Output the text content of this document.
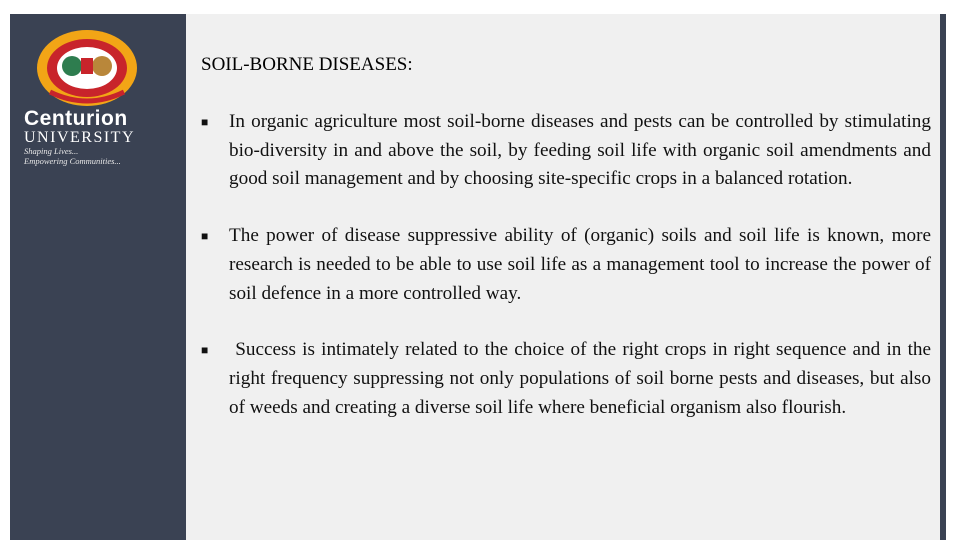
Centurion
UNIVERSITY
Shaping Lives...
Empowering Communities...
SOIL-BORNE DISEASES:
■ In organic agriculture most soil-borne diseases and pests can be controlled by stimulating bio-diversity in and above the soil, by feeding soil life with organic soil amendments and good soil management and by choosing site-specific crops in a balanced rotation.
■ The power of disease suppressive ability of (organic) soils and soil life is known, more research is needed to be able to use soil life as a management tool to increase the power of soil defence in a more controlled way.
■ Success is intimately related to the choice of the right crops in right sequence and in the right frequency suppressing not only populations of soil borne pests and diseases, but also of weeds and creating a diverse soil life where beneficial organism also flourish.
